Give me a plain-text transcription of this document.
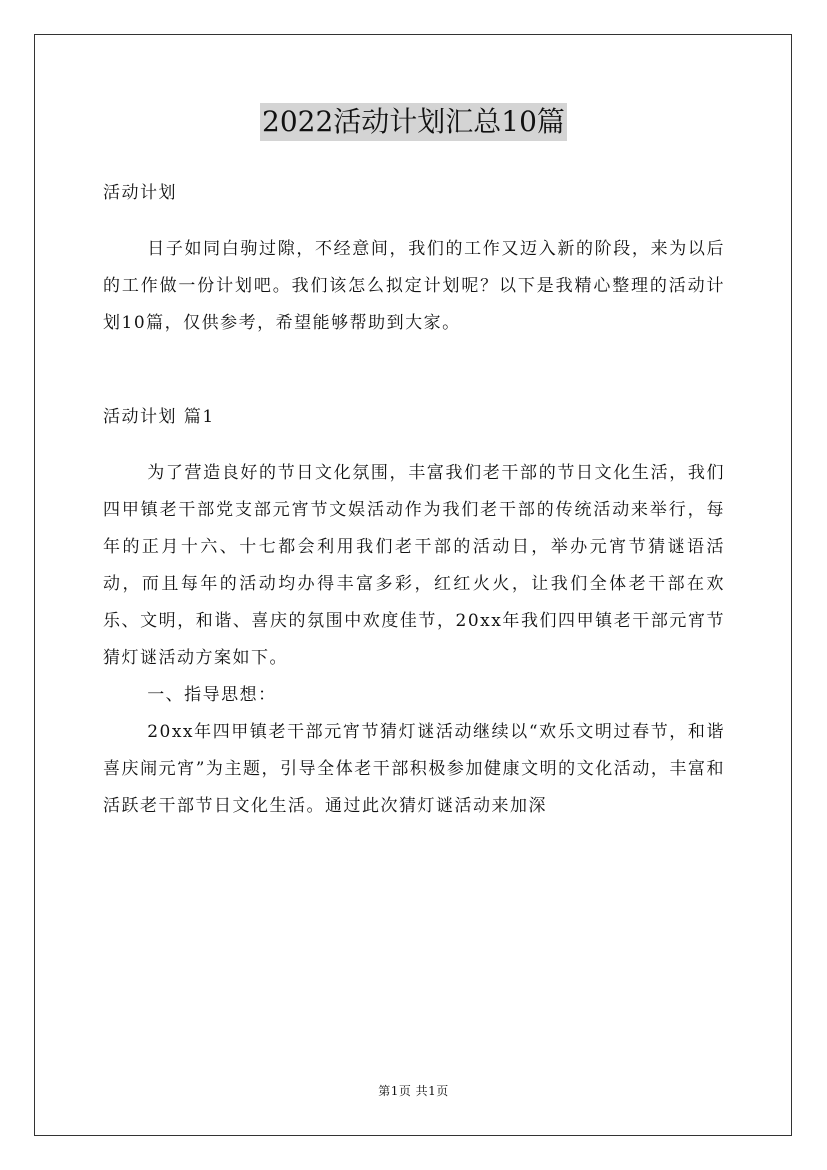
2022活动计划汇总10篇

活动计划

日子如同白驹过隙，不经意间，我们的工作又迈入新的阶段，来为以后的工作做一份计划吧。我们该怎么拟定计划呢？以下是我精心整理的活动计划10篇，仅供参考，希望能够帮助到大家。

活动计划 篇1

为了营造良好的节日文化氛围，丰富我们老干部的节日文化生活，我们四甲镇老干部党支部元宵节文娱活动作为我们老干部的传统活动来举行，每年的正月十六、十七都会利用我们老干部的活动日，举办元宵节猜谜语活动，而且每年的活动均办得丰富多彩，红红火火，让我们全体老干部在欢乐、文明，和谐、喜庆的氛围中欢度佳节，20xx年我们四甲镇老干部元宵节猜灯谜活动方案如下。

一、指导思想：

20xx年四甲镇老干部元宵节猜灯谜活动继续以“欢乐文明过春节，和谐喜庆闹元宵”为主题，引导全体老干部积极参加健康文明的文化活动，丰富和活跃老干部节日文化生活。通过此次猜灯谜活动来加深

第1页 共1页
